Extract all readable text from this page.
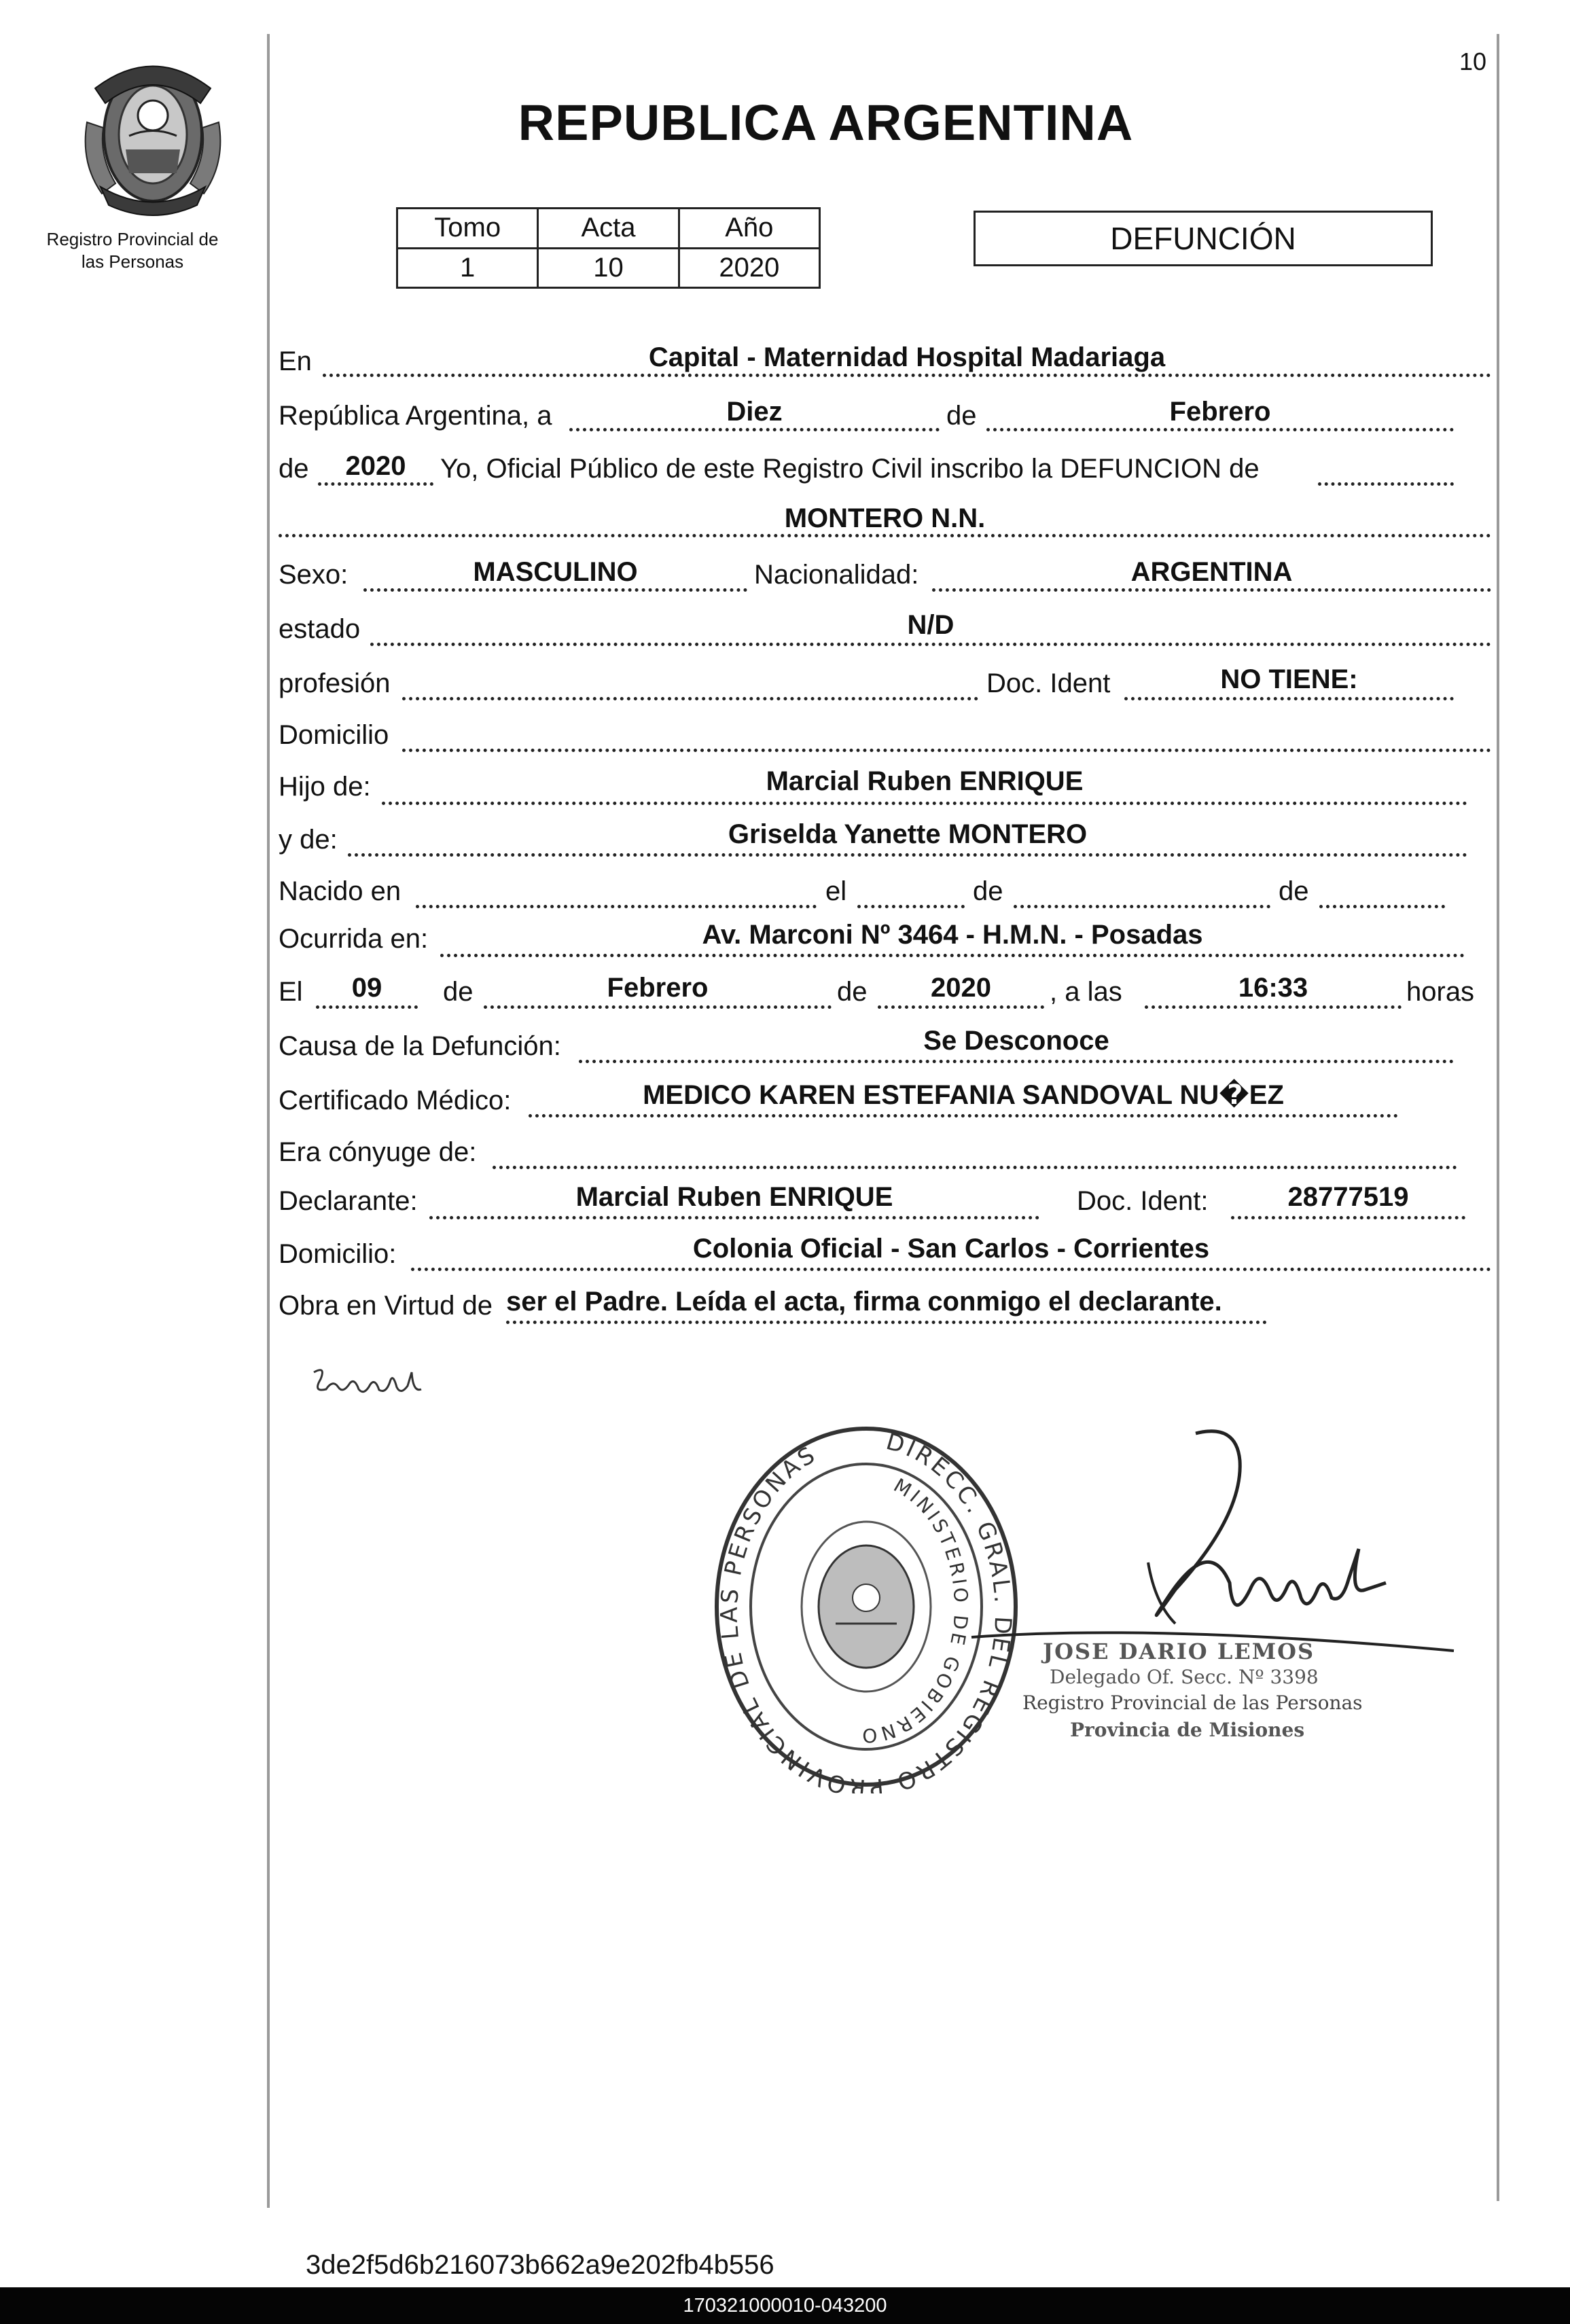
10
Registro Provincial de las Personas
REPUBLICA ARGENTINA
Tomo	Acta	Año
1	10	2020
DEFUNCIÓN
En	Capital - Maternidad Hospital Madariaga
República Argentina, a	Diez	de	Febrero
de	2020	Yo, Oficial Público de este Registro Civil inscribo la DEFUNCION de
MONTERO N.N.
Sexo:	MASCULINO	Nacionalidad:	ARGENTINA
estado	N/D
profesión	Doc. Ident	NO TIENE:
Domicilio
Hijo de:	Marcial Ruben ENRIQUE
y de:	Griselda Yanette MONTERO
Nacido en	el	de	de
Ocurrida en:	Av. Marconi Nº 3464 - H.M.N. - Posadas
El	09	de	Febrero	de	2020	, a las	16:33	horas
Causa de la Defunción:	Se Desconoce
Certificado Médico:	MEDICO KAREN ESTEFANIA SANDOVAL NU�EZ
Era cónyuge de:
Declarante:	Marcial Ruben ENRIQUE	Doc. Ident:	28777519
Domicilio:	Colonia Oficial - San Carlos - Corrientes
Obra en Virtud de ser el Padre. Leída el acta, firma conmigo el declarante.
DIRECC. GRAL. DEL REGISTRO PROVINCIAL DE LAS PERSONAS
MINISTERIO DE GOBIERNO
JOSE DARIO LEMOS
Delegado Of. Secc. Nº 3398
Registro Provincial de las Personas
Provincia de Misiones
3de2f5d6b216073b662a9e202fb4b556
170321000010-043200
